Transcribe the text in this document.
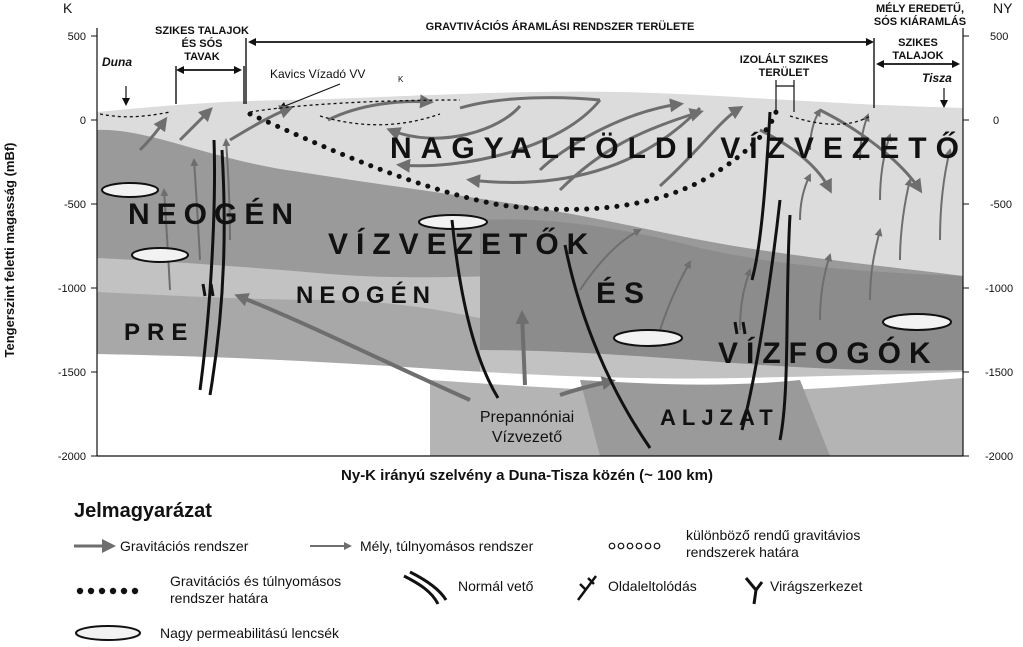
500
0
-500
-1000
-1500
-2000
500
0
-500
-1000
-1500
-2000
Tengerszint feletti magasság (mBf)
K	NY
SZIKES TALAJOK
ÉS SÓS
TAVAK
GRAVTIVÁCIÓS ÁRAMLÁSI RENDSZER TERÜLETE
MÉLY EREDETŰ,
SÓS KIÁRAMLÁS
SZIKES
TALAJOK
IZOLÁLT SZIKES
TERÜLET
Kavics Vízadó VV	K
Duna
Tisza
NAGYALFÖLDI VÍZVEZETŐ
NEOGÉN
VÍZVEZETŐK
NEOGÉN	ÉS
PRE
VÍZFOGÓK
ALJZAT
Prepannóniai
Vízvezető
Ny-K irányú szelvény a Duna-Tisza közén (~ 100 km)
Jelmagyarázat
Gravitációs rendszer	Mély, túlnyomásos rendszer
különböző rendű gravitávios
rendszerek határa
Gravitációs és túlnyomásos
rendszer határa
Normál vető	Oldaleltolódás	Virágszerkezet
Nagy permeabilitású lencsék
